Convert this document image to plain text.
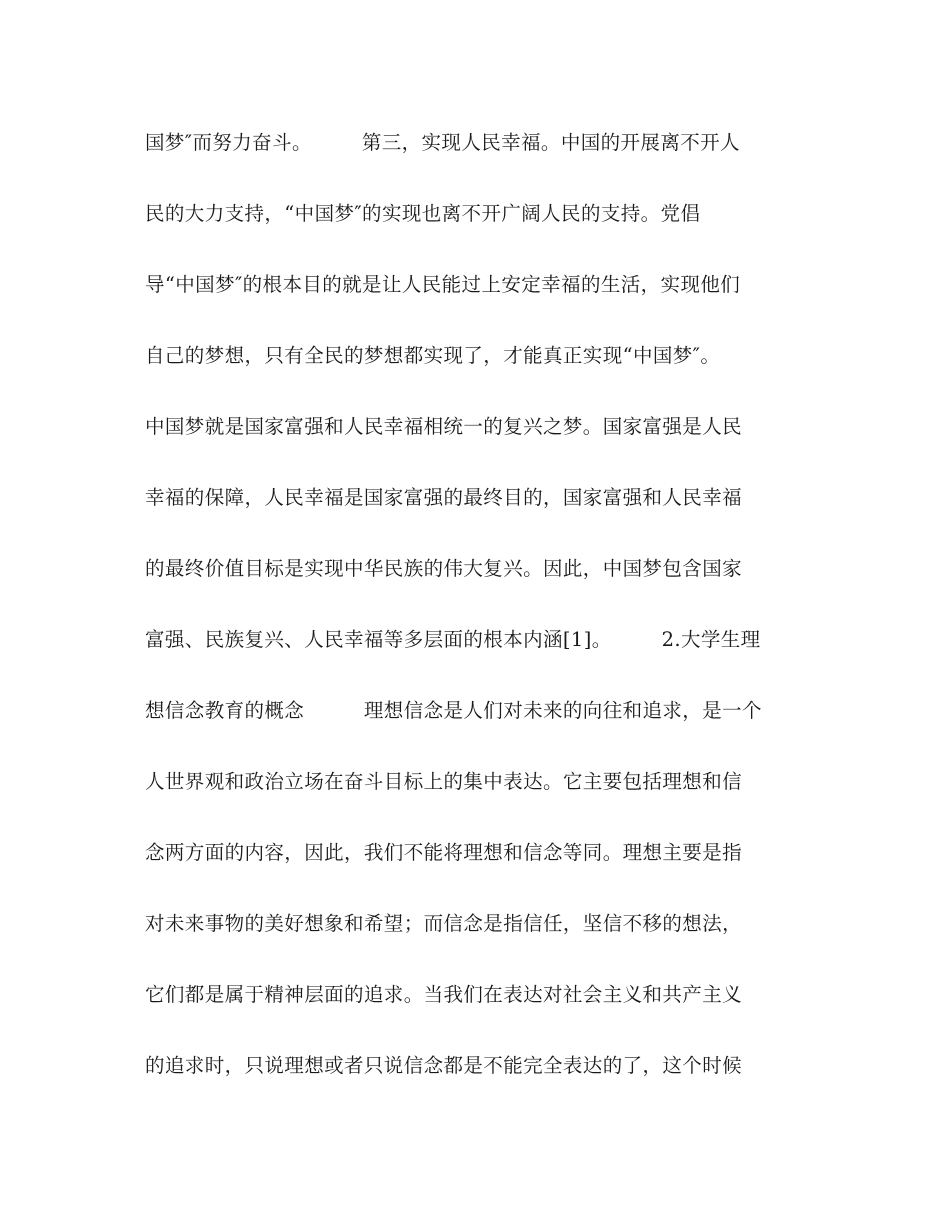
国梦″而努力奋斗。　　　第三，实现人民幸福。中国的开展离不开人
民的大力支持，“中国梦″的实现也离不开广阔人民的支持。党倡
导“中国梦″的根本目的就是让人民能过上安定幸福的生活，实现他们
自己的梦想，只有全民的梦想都实现了，才能真正实现“中国梦″。
中国梦就是国家富强和人民幸福相统一的复兴之梦。国家富强是人民
幸福的保障，人民幸福是国家富强的最终目的，国家富强和人民幸福
的最终价值目标是实现中华民族的伟大复兴。因此，中国梦包含国家
富强、民族复兴、人民幸福等多层面的根本内涵[1]。　　　2.大学生理
想信念教育的概念　　　理想信念是人们对未来的向往和追求，是一个
人世界观和政治立场在奋斗目标上的集中表达。它主要包括理想和信
念两方面的内容，因此，我们不能将理想和信念等同。理想主要是指
对未来事物的美好想象和希望；而信念是指信任，坚信不移的想法，
它们都是属于精神层面的追求。当我们在表达对社会主义和共产主义
的追求时，只说理想或者只说信念都是不能完全表达的了，这个时候
